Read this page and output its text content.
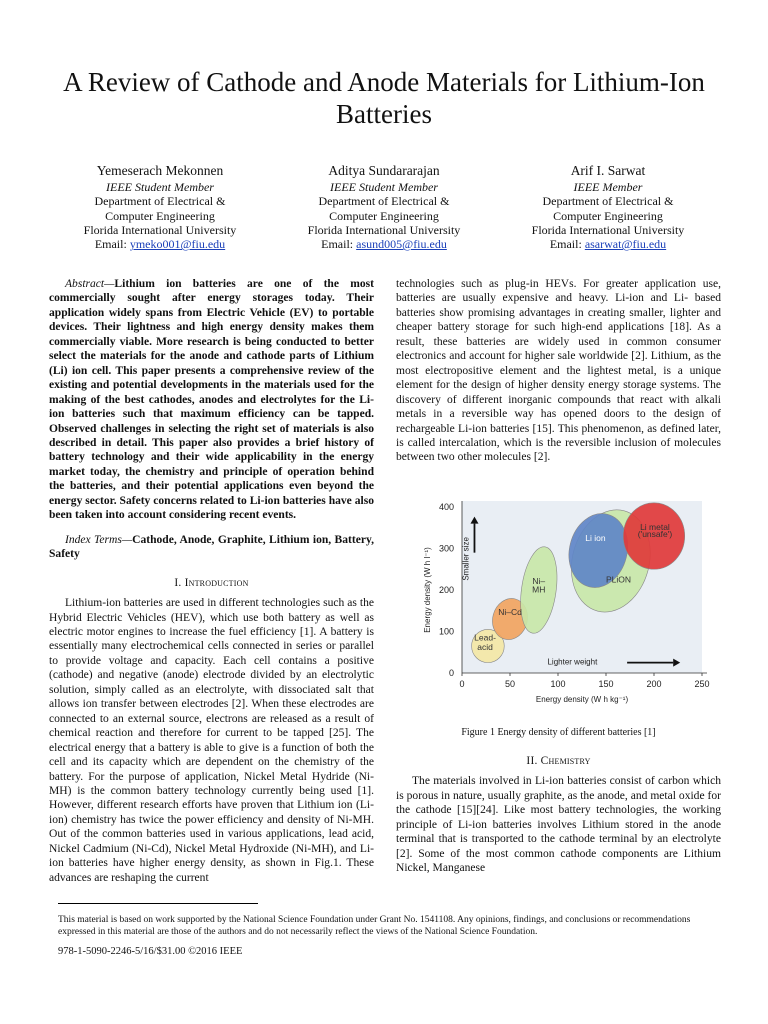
A Review of Cathode and Anode Materials for Lithium-Ion Batteries
Yemeserach Mekonnen
IEEE Student Member
Department of Electrical &
Computer Engineering
Florida International University
Email: ymeko001@fiu.edu
Aditya Sundararajan
IEEE Student Member
Department of Electrical &
Computer Engineering
Florida International University
Email: asund005@fiu.edu
Arif I. Sarwat
IEEE Member
Department of Electrical &
Computer Engineering
Florida International University
Email: asarwat@fiu.edu

Abstract—Lithium ion batteries are one of the most commercially sought after energy storages today. Their application widely spans from Electric Vehicle (EV) to portable devices. Their lightness and high energy density makes them commercially viable. More research is being conducted to better select the materials for the anode and cathode parts of Lithium (Li) ion cell. This paper presents a comprehensive review of the existing and potential developments in the materials used for the making of the best cathodes, anodes and electrolytes for the Li-ion batteries such that maximum efficiency can be tapped. Observed challenges in selecting the right set of materials is also described in detail. This paper also provides a brief history of battery technology and their wide applicability in the energy market today, the chemistry and principle of operation behind the batteries, and their potential applications even beyond the energy sector. Safety concerns related to Li-ion batteries have also been taken into account considering recent events.

Index Terms—Cathode, Anode, Graphite, Lithium ion, Battery, Safety

I. Introduction

Lithium-ion batteries are used in different technologies such as the Hybrid Electric Vehicles (HEV), which use both battery as well as electric motor engines to increase the fuel efficiency [1]. A battery is essentially many electrochemical cells connected in series or parallel to provide voltage and capacity. Each cell contains a positive (cathode) and negative (anode) electrode divided by an electrolytic solution, simply called as an electrolyte, with dissociated salt that allows ion transfer between electrodes [2]. When these electrodes are connected to an external source, electrons are released as a result of chemical reaction and therefore for current to be tapped [25]. The electrical energy that a battery is able to give is a function of both the cell and its capacity which are dependent on the chemistry of the battery. For the purpose of application, Nickel Metal Hydride (Ni-MH) is the common battery technology currently being used [1]. However, different research efforts have proven that Lithium ion (Li-ion) chemistry has twice the power efficiency and density of Ni-MH. Out of the common batteries used in various applications, lead acid, Nickel Cadmium (Ni-Cd), Nickel Metal Hydroxide (Ni-MH), and Li-ion batteries have higher energy density, as shown in Fig.1. These advances are reshaping the current

technologies such as plug-in HEVs. For greater application use, batteries are usually expensive and heavy. Li-ion and Li- based batteries show promising advantages in creating smaller, lighter and cheaper battery storage for such high-end applications [18]. As a result, these batteries are widely used in common consumer electronics and account for higher sale worldwide [2]. Lithium, as the most electropositive element and the lightest metal, is a unique element for the design of higher density energy storage systems. The discovery of different inorganic compounds that react with alkali metals in a reversible way has opened doors to the design of rechargeable Li-ion batteries [15]. This phenomenon, as defined later, is called intercalation, which is the reversible inclusion of molecules between two other molecules [2].

0	50	100	150	200	250
0
100
200
300
400
Energy density (W h kg⁻¹)
Energy density (W h l⁻¹)
Lead-
acid
Ni–Cd
Ni–
MH
PLiON
Li ion
Li metal
('unsafe')
Smaller size
Lighter weight
Figure 1 Energy density of different batteries [1]
II. Chemistry

The materials involved in Li-ion batteries consist of carbon which is porous in nature, usually graphite, as the anode, and metal oxide for the cathode [15][24]. Like most battery technologies, the working principle of Li-ion batteries involves Lithium stored in the anode terminal that is transported to the cathode terminal by an electrolyte [2]. Some of the most common cathode components are Lithium Nickel, Manganese

This material is based on work supported by the National Science Foundation under Grant No. 1541108. Any opinions, findings, and conclusions or recommendations expressed in this material are those of the authors and do not necessarily reflect the views of the National Science Foundation.
978-1-5090-2246-5/16/$31.00 ©2016 IEEE
